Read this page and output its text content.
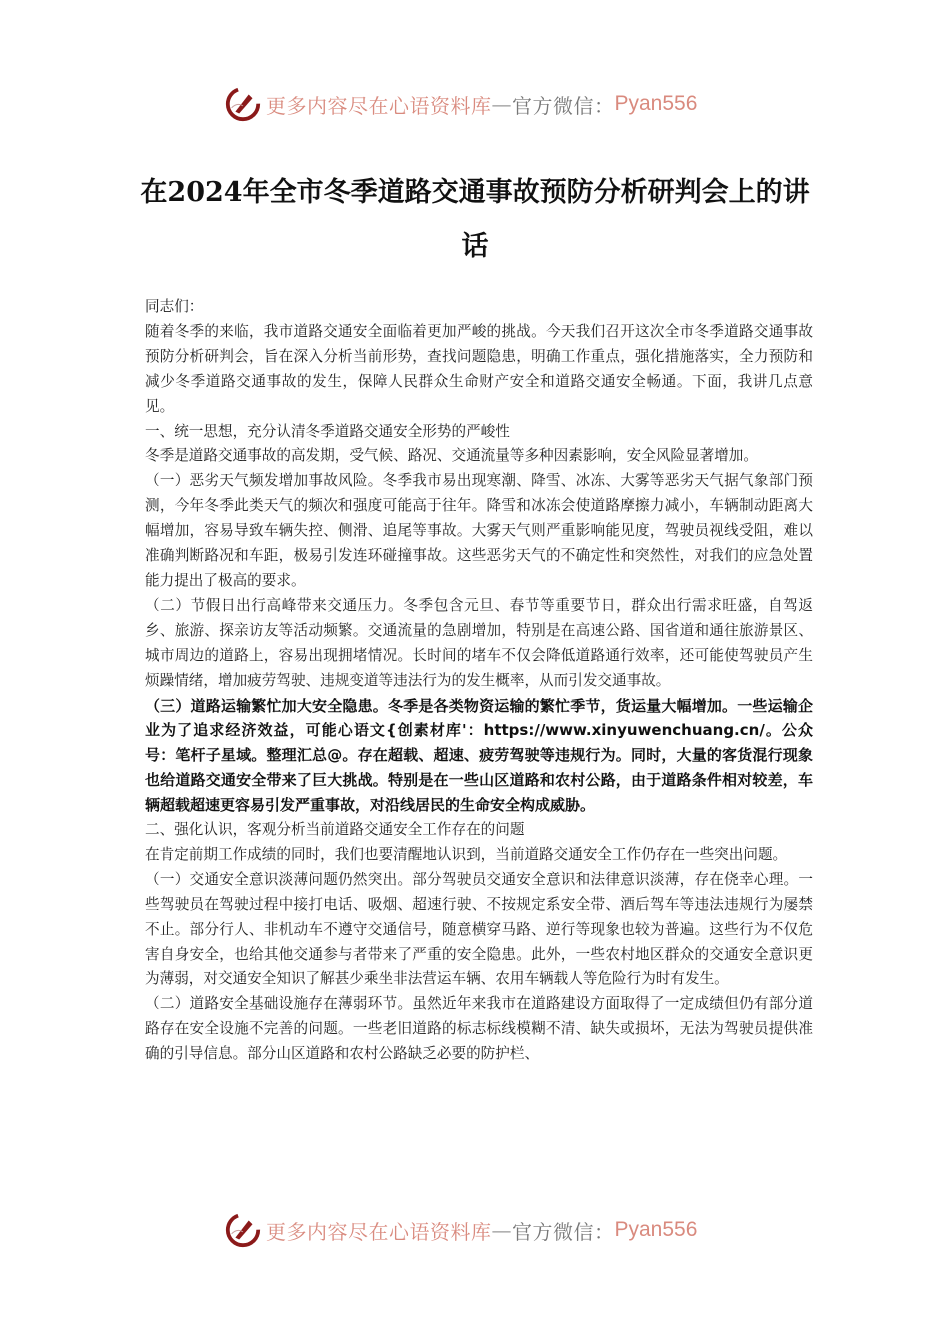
更多内容尽在心语资料库 — 官方微信： Pyan556
在2024年全市冬季道路交通事故预防分析研判会上的讲话

同志们：

随着冬季的来临，我市道路交通安全面临着更加严峻的挑战。今天我们召开这次全市冬季道路交通事故预防分析研判会，旨在深入分析当前形势，查找问题隐患，明确工作重点，强化措施落实，全力预防和减少冬季道路交通事故的发生，保障人民群众生命财产安全和道路交通安全畅通。下面，我讲几点意见。

一、统一思想，充分认清冬季道路交通安全形势的严峻性

冬季是道路交通事故的高发期，受气候、路况、交通流量等多种因素影响，安全风险显著增加。

（一）恶劣天气频发增加事故风险。冬季我市易出现寒潮、降雪、冰冻、大雾等恶劣天气据气象部门预测，今年冬季此类天气的频次和强度可能高于往年。降雪和冰冻会使道路摩擦力减小，车辆制动距离大幅增加，容易导致车辆失控、侧滑、追尾等事故。大雾天气则严重影响能见度，驾驶员视线受阻，难以准确判断路况和车距，极易引发连环碰撞事故。这些恶劣天气的不确定性和突然性，对我们的应急处置能力提出了极高的要求。

（二）节假日出行高峰带来交通压力。冬季包含元旦、春节等重要节日，群众出行需求旺盛，自驾返乡、旅游、探亲访友等活动频繁。交通流量的急剧增加，特别是在高速公路、国省道和通往旅游景区、城市周边的道路上，容易出现拥堵情况。长时间的堵车不仅会降低道路通行效率，还可能使驾驶员产生烦躁情绪，增加疲劳驾驶、违规变道等违法行为的发生概率，从而引发交通事故。

（三）道路运输繁忙加大安全隐患。冬季是各类物资运输的繁忙季节，货运量大幅增加。一些运输企业为了追求经济效益，可能心语文{创素材库'：https://www.xinyuwenchuang.cn/。公众号：笔杆子星域。整理汇总@。存在超载、超速、疲劳驾驶等违规行为。同时，大量的客货混行现象也给道路交通安全带来了巨大挑战。特别是在一些山区道路和农村公路，由于道路条件相对较差，车辆超载超速更容易引发严重事故，对沿线居民的生命安全构成威胁。

二、强化认识，客观分析当前道路交通安全工作存在的问题

在肯定前期工作成绩的同时，我们也要清醒地认识到，当前道路交通安全工作仍存在一些突出问题。

（一）交通安全意识淡薄问题仍然突出。部分驾驶员交通安全意识和法律意识淡薄，存在侥幸心理。一些驾驶员在驾驶过程中接打电话、吸烟、超速行驶、不按规定系安全带、酒后驾车等违法违规行为屡禁不止。部分行人、非机动车不遵守交通信号，随意横穿马路、逆行等现象也较为普遍。这些行为不仅危害自身安全，也给其他交通参与者带来了严重的安全隐患。此外，一些农村地区群众的交通安全意识更为薄弱，对交通安全知识了解甚少乘坐非法营运车辆、农用车辆载人等危险行为时有发生。

（二）道路安全基础设施存在薄弱环节。虽然近年来我市在道路建设方面取得了一定成绩但仍有部分道路存在安全设施不完善的问题。一些老旧道路的标志标线模糊不清、缺失或损坏，无法为驾驶员提供准确的引导信息。部分山区道路和农村公路缺乏必要的防护栏、

更多内容尽在心语资料库 — 官方微信： Pyan556
